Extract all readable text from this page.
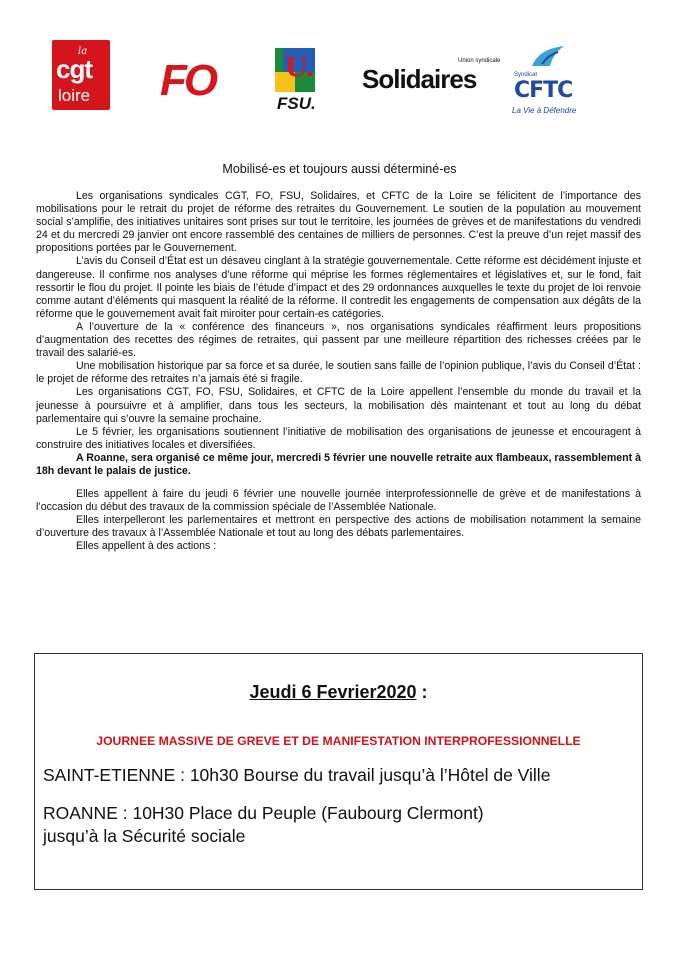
la
cgt
loire FO	U.
FSU.
Union syndicale
Solidaires	Syndicat
CFTC
La Vie à Défendre
Mobilisé-es et toujours aussi déterminé-es

Les organisations syndicales CGT, FO, FSU, Solidaires, et CFTC de la Loire se félicitent de l’importance des mobilisations pour le retrait du projet de réforme des retraites du Gouvernement. Le soutien de la population au mouvement social s’amplifie, des initiatives unitaires sont prises sur tout le territoire, les journées de grèves et de manifestations du vendredi 24 et du mercredi 29 janvier ont encore rassemblé des centaines de milliers de personnes. C’est la preuve d’un rejet massif des propositions portées par le Gouvernement.

L’avis du Conseil d’État est un désaveu cinglant à la stratégie gouvernementale. Cette réforme est décidément injuste et dangereuse. Il confirme nos analyses d’une réforme qui méprise les formes réglementaires et législatives et, sur le fond, fait ressortir le flou du projet. Il pointe les biais de l’étude d’impact et des 29 ordonnances auxquelles le texte du projet de loi renvoie comme autant d’éléments qui masquent la réalité de la réforme. Il contredit les engagements de compensation aux dégâts de la réforme que le gouvernement avait fait miroiter pour certain-es catégories.

A l’ouverture de la « conférence des financeurs », nos organisations syndicales réaffirment leurs propositions d’augmentation des recettes des régimes de retraites, qui passent par une meilleure répartition des richesses créées par le travail des salarié-es.

Une mobilisation historique par sa force et sa durée, le soutien sans faille de l’opinion publique, l’avis du Conseil d’État : le projet de réforme des retraites n’a jamais été si fragile.

Les organisations CGT, FO, FSU, Solidaires, et CFTC de la Loire appellent l’ensemble du monde du travail et la jeunesse à poursuivre et à amplifier, dans tous les secteurs, la mobilisation dès maintenant et tout au long du débat parlementaire qui s’ouvre la semaine prochaine.

Le 5 février, les organisations soutiennent l’initiative de mobilisation des organisations de jeunesse et encouragent à construire des initiatives locales et diversifiées.

A Roanne, sera organisé ce même jour, mercredi 5 février une nouvelle retraite aux flambeaux, rassemblement à 18h devant le palais de justice.

Elles appellent à faire du jeudi 6 février une nouvelle journée interprofessionnelle de grève et de manifestations à l’occasion du début des travaux de la commission spéciale de l’Assemblée Nationale.

Elles interpelleront les parlementaires et mettront en perspective des actions de mobilisation notamment la semaine d’ouverture des travaux à l’Assemblée Nationale et tout au long des débats parlementaires.

Elles appellent à des actions :

Jeudi 6 Fevrier2020 :
JOURNEE MASSIVE DE GREVE ET DE MANIFESTATION INTERPROFESSIONNELLE
SAINT-ETIENNE : 10h30 Bourse du travail jusqu’à l’Hôtel de Ville
ROANNE : 10H30 Place du Peuple (Faubourg Clermont)
jusqu’à la Sécurité sociale
